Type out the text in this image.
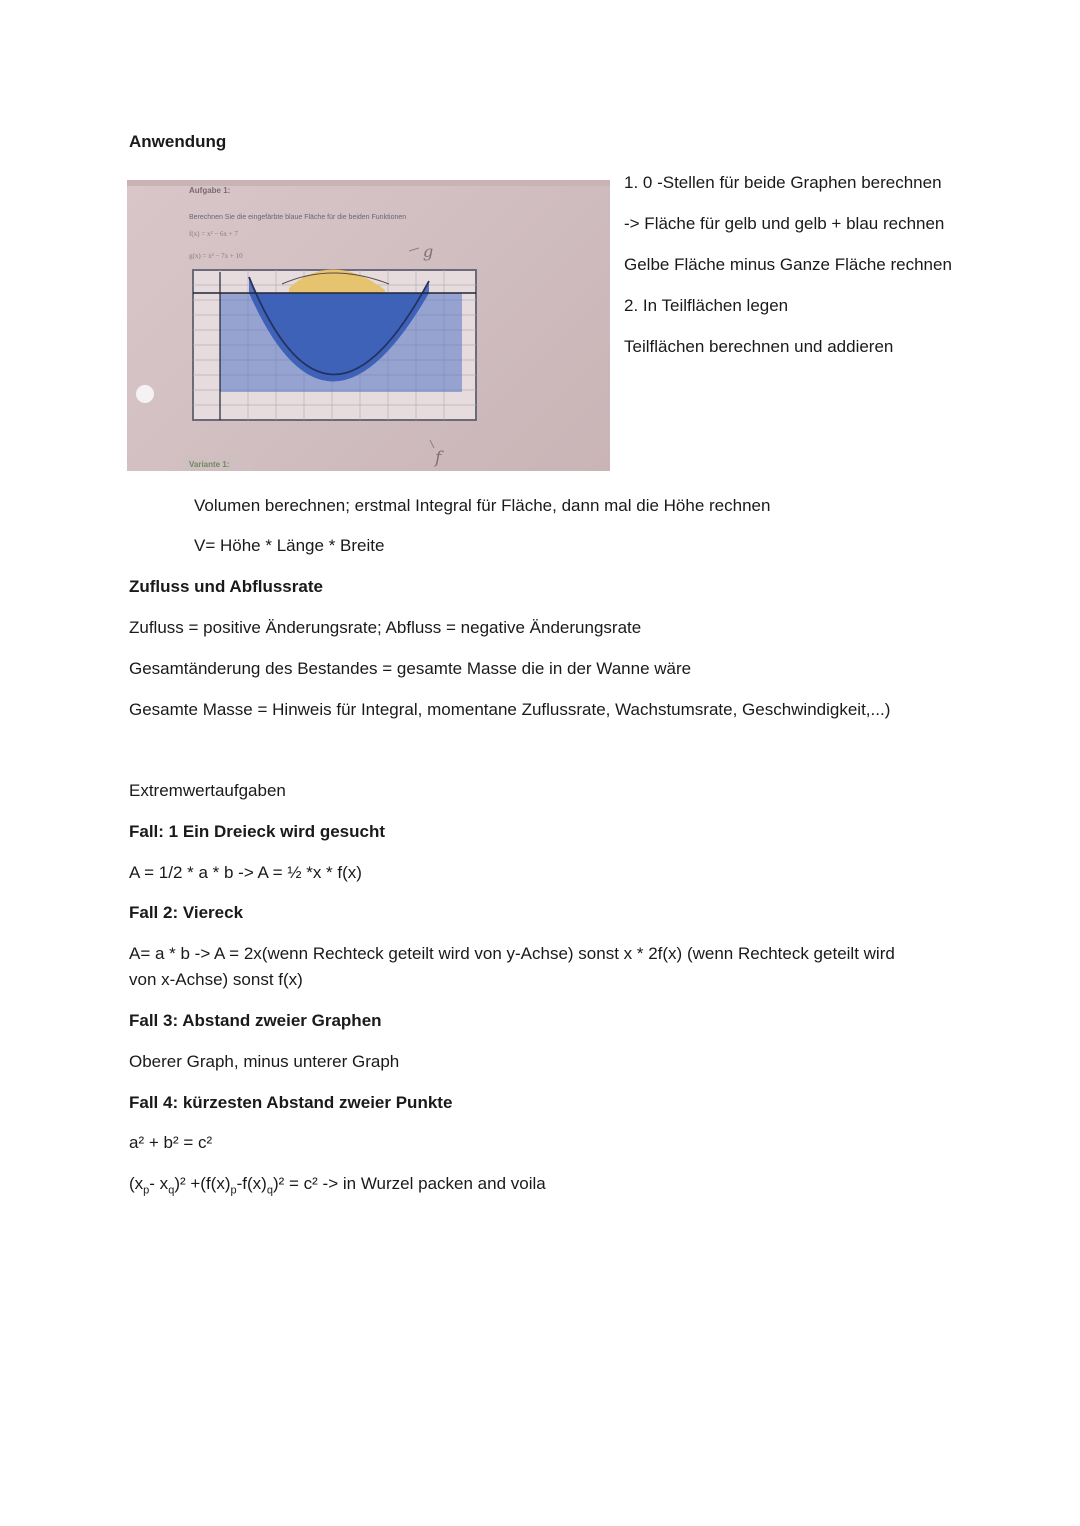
Anwendung
Aufgabe 1:
Berechnen Sie die eingefärbte blaue Fläche für die beiden Funktionen
f(x) = x² − 6x + 7
g(x) = x² − 7x + 10	g
f
Variante 1:

1. 0 -Stellen für beide Graphen berechnen

-> Fläche für gelb und gelb + blau rechnen

Gelbe Fläche minus Ganze Fläche rechnen

2. In Teilflächen legen

Teilflächen berechnen und addieren

Volumen berechnen; erstmal Integral für Fläche, dann mal die Höhe rechnen
V= Höhe * Länge * Breite
Zufluss und Abflussrate
Zufluss = positive Änderungsrate; Abfluss = negative Änderungsrate
Gesamtänderung des Bestandes = gesamte Masse die in der Wanne wäre
Gesamte Masse = Hinweis für Integral, momentane Zuflussrate, Wachstumsrate, Geschwindigkeit,...)
Extremwertaufgaben
Fall: 1 Ein Dreieck wird gesucht
A = 1/2 * a * b -> A = ½ *x * f(x)
Fall 2: Viereck
A= a * b -> A = 2x(wenn Rechteck geteilt wird von y-Achse) sonst x * 2f(x) (wenn Rechteck geteilt wird
von x-Achse) sonst f(x)
Fall 3: Abstand zweier Graphen
Oberer Graph, minus unterer Graph
Fall 4: kürzesten Abstand zweier Punkte
a² + b² = c²
($x_p-$ $x_q)^2 +(f(x)_p-f(x)_q)^2 = c^2$ -> in Wurzel packen and voila
